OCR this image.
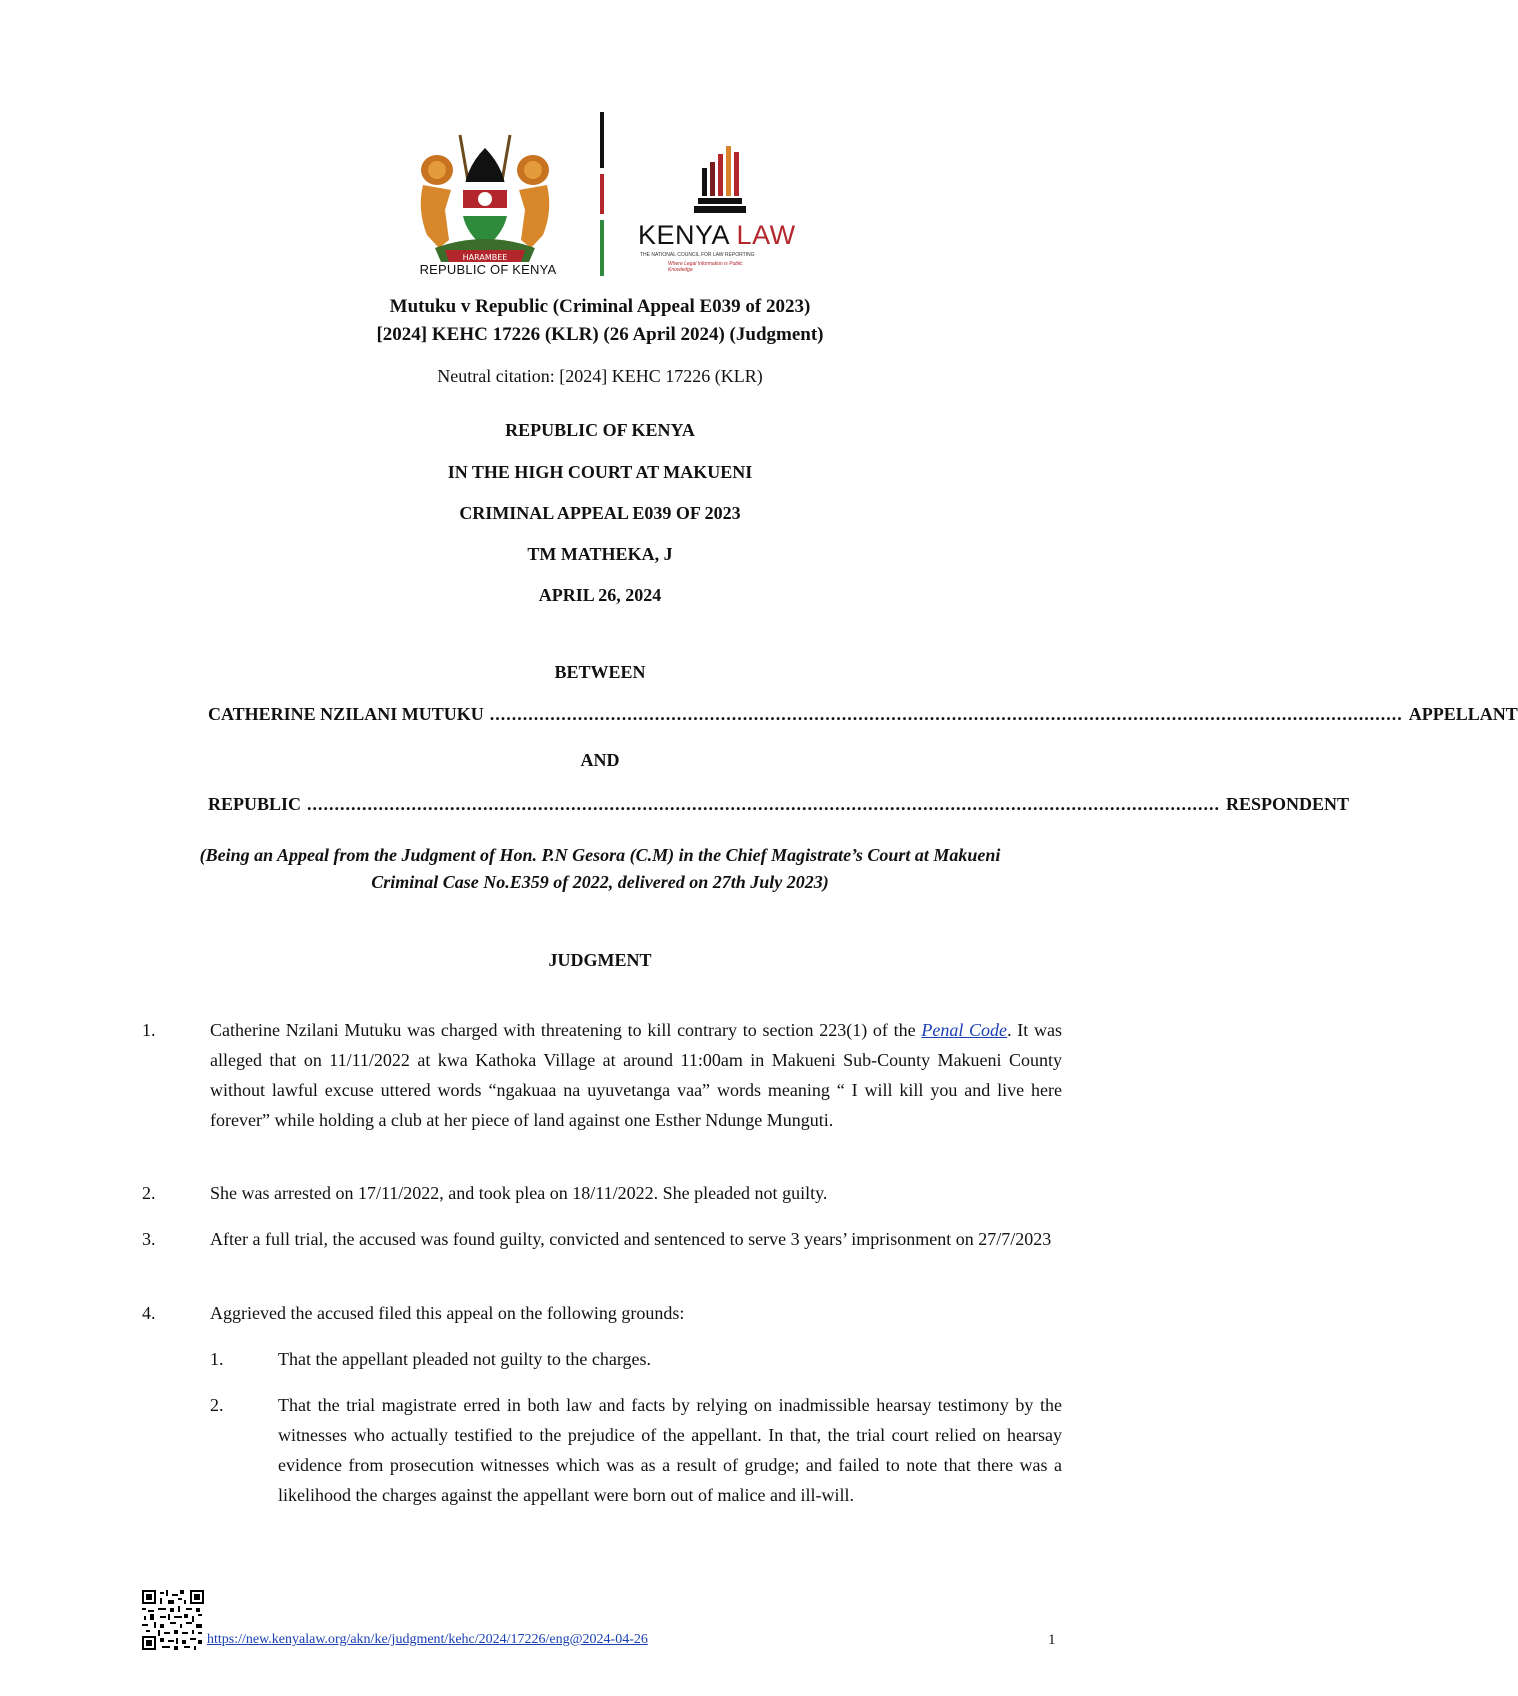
HARAMBEE
REPUBLIC OF KENYA
KENYA LAW
THE NATIONAL COUNCIL FOR LAW REPORTING
Where Legal Information is Public Knowledge
Mutuku v Republic (Criminal Appeal E039 of 2023)
[2024] KEHC 17226 (KLR) (26 April 2024) (Judgment)
Neutral citation: [2024] KEHC 17226 (KLR)
REPUBLIC OF KENYA
IN THE HIGH COURT AT MAKUENI
CRIMINAL APPEAL E039 OF 2023
TM MATHEKA, J
APRIL 26, 2024
BETWEEN
CATHERINE NZILANI MUTUKU ...................................................................................................................................................................... APPELLANT
AND
REPUBLIC ...................................................................................................................................................................... RESPONDENT
(Being an Appeal from the Judgment of Hon. P.N Gesora (C.M) in the Chief Magistrate’s Court at Makueni Criminal Case No.E359 of 2022, delivered on 27th July 2023)
JUDGMENT
1.	Catherine Nzilani Mutuku was charged with threatening to kill contrary to section 223(1) of the Penal Code. It was alleged that on 11/11/2022 at kwa Kathoka Village at around 11:00am in Makueni Sub-County Makueni County without lawful excuse uttered words “ngakuaa na uyuvetanga vaa” words meaning “ I will kill you and live here forever” while holding a club at her piece of land against one Esther Ndunge Munguti.
2.	She was arrested on 17/11/2022, and took plea on 18/11/2022. She pleaded not guilty.
3.	After a full trial, the accused was found guilty, convicted and sentenced to serve 3 years’ imprisonment on 27/7/2023
4.	Aggrieved the accused filed this appeal on the following grounds:
1.	That the appellant pleaded not guilty to the charges.
2.	That the trial magistrate erred in both law and facts by relying on inadmissible hearsay testimony by the witnesses who actually testified to the prejudice of the appellant. In that, the trial court relied on hearsay evidence from prosecution witnesses which was as a result of grudge; and failed to note that there was a likelihood the charges against the appellant were born out of malice and ill-will.
https://new.kenyalaw.org/akn/ke/judgment/kehc/2024/17226/eng@2024-04-26	1
